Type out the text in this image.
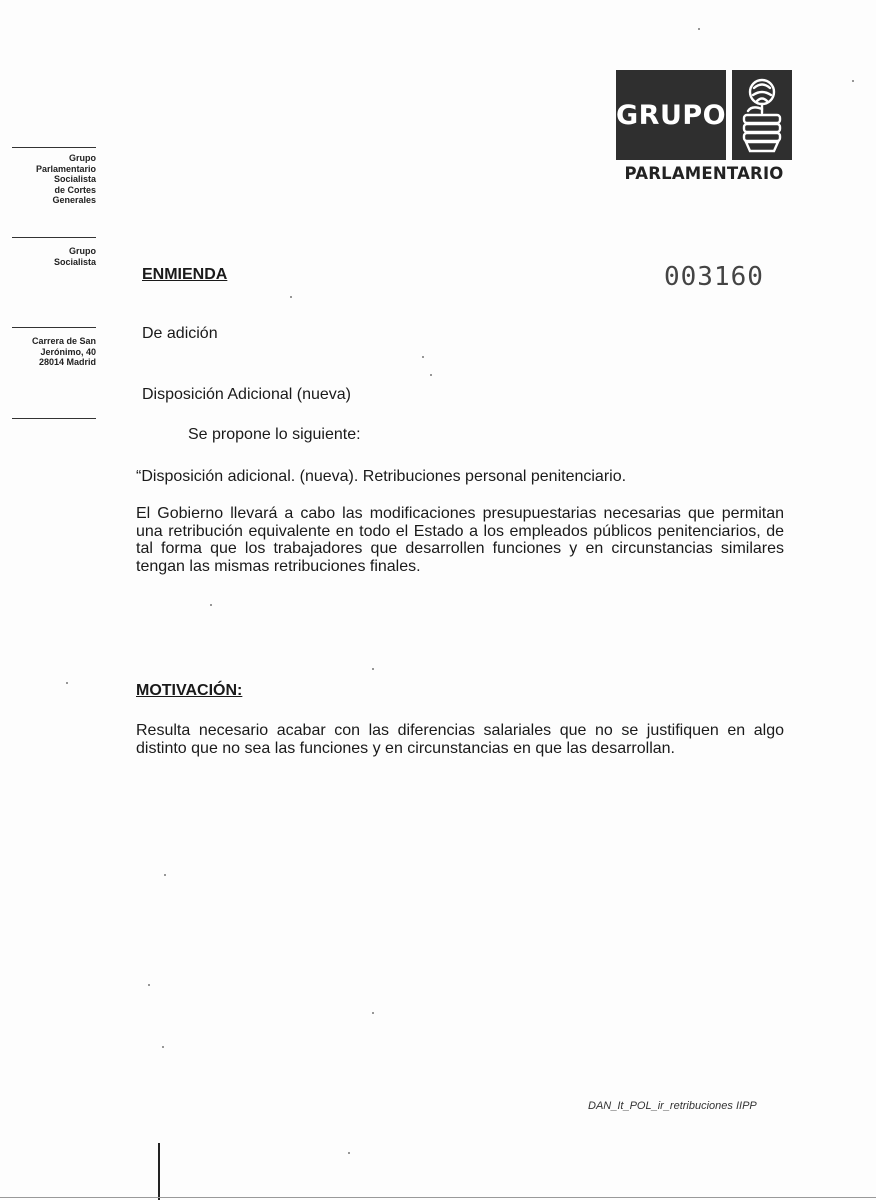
Grupo
Parlamentario
Socialista
de Cortes
Generales
Grupo
Socialista
Carrera de San
Jerónimo, 40
28014 Madrid
GRUPO
PARLAMENTARIO
003160
ENMIENDA
De adición
Disposición Adicional (nueva)
Se propone lo siguiente:
“Disposición adicional. (nueva). Retribuciones personal penitenciario.
El Gobierno llevará a cabo las modificaciones presupuestarias necesarias que permitan una retribución equivalente en todo el Estado a los empleados públicos penitenciarios, de tal forma que los trabajadores que desarrollen funciones y en circunstancias similares tengan las mismas retribuciones finales.
MOTIVACIÓN:
Resulta necesario acabar con las diferencias salariales que no se justifiquen en algo distinto que no sea las funciones y en circunstancias en que las desarrollan.
DAN_It_POL_ir_retribuciones IIPP
